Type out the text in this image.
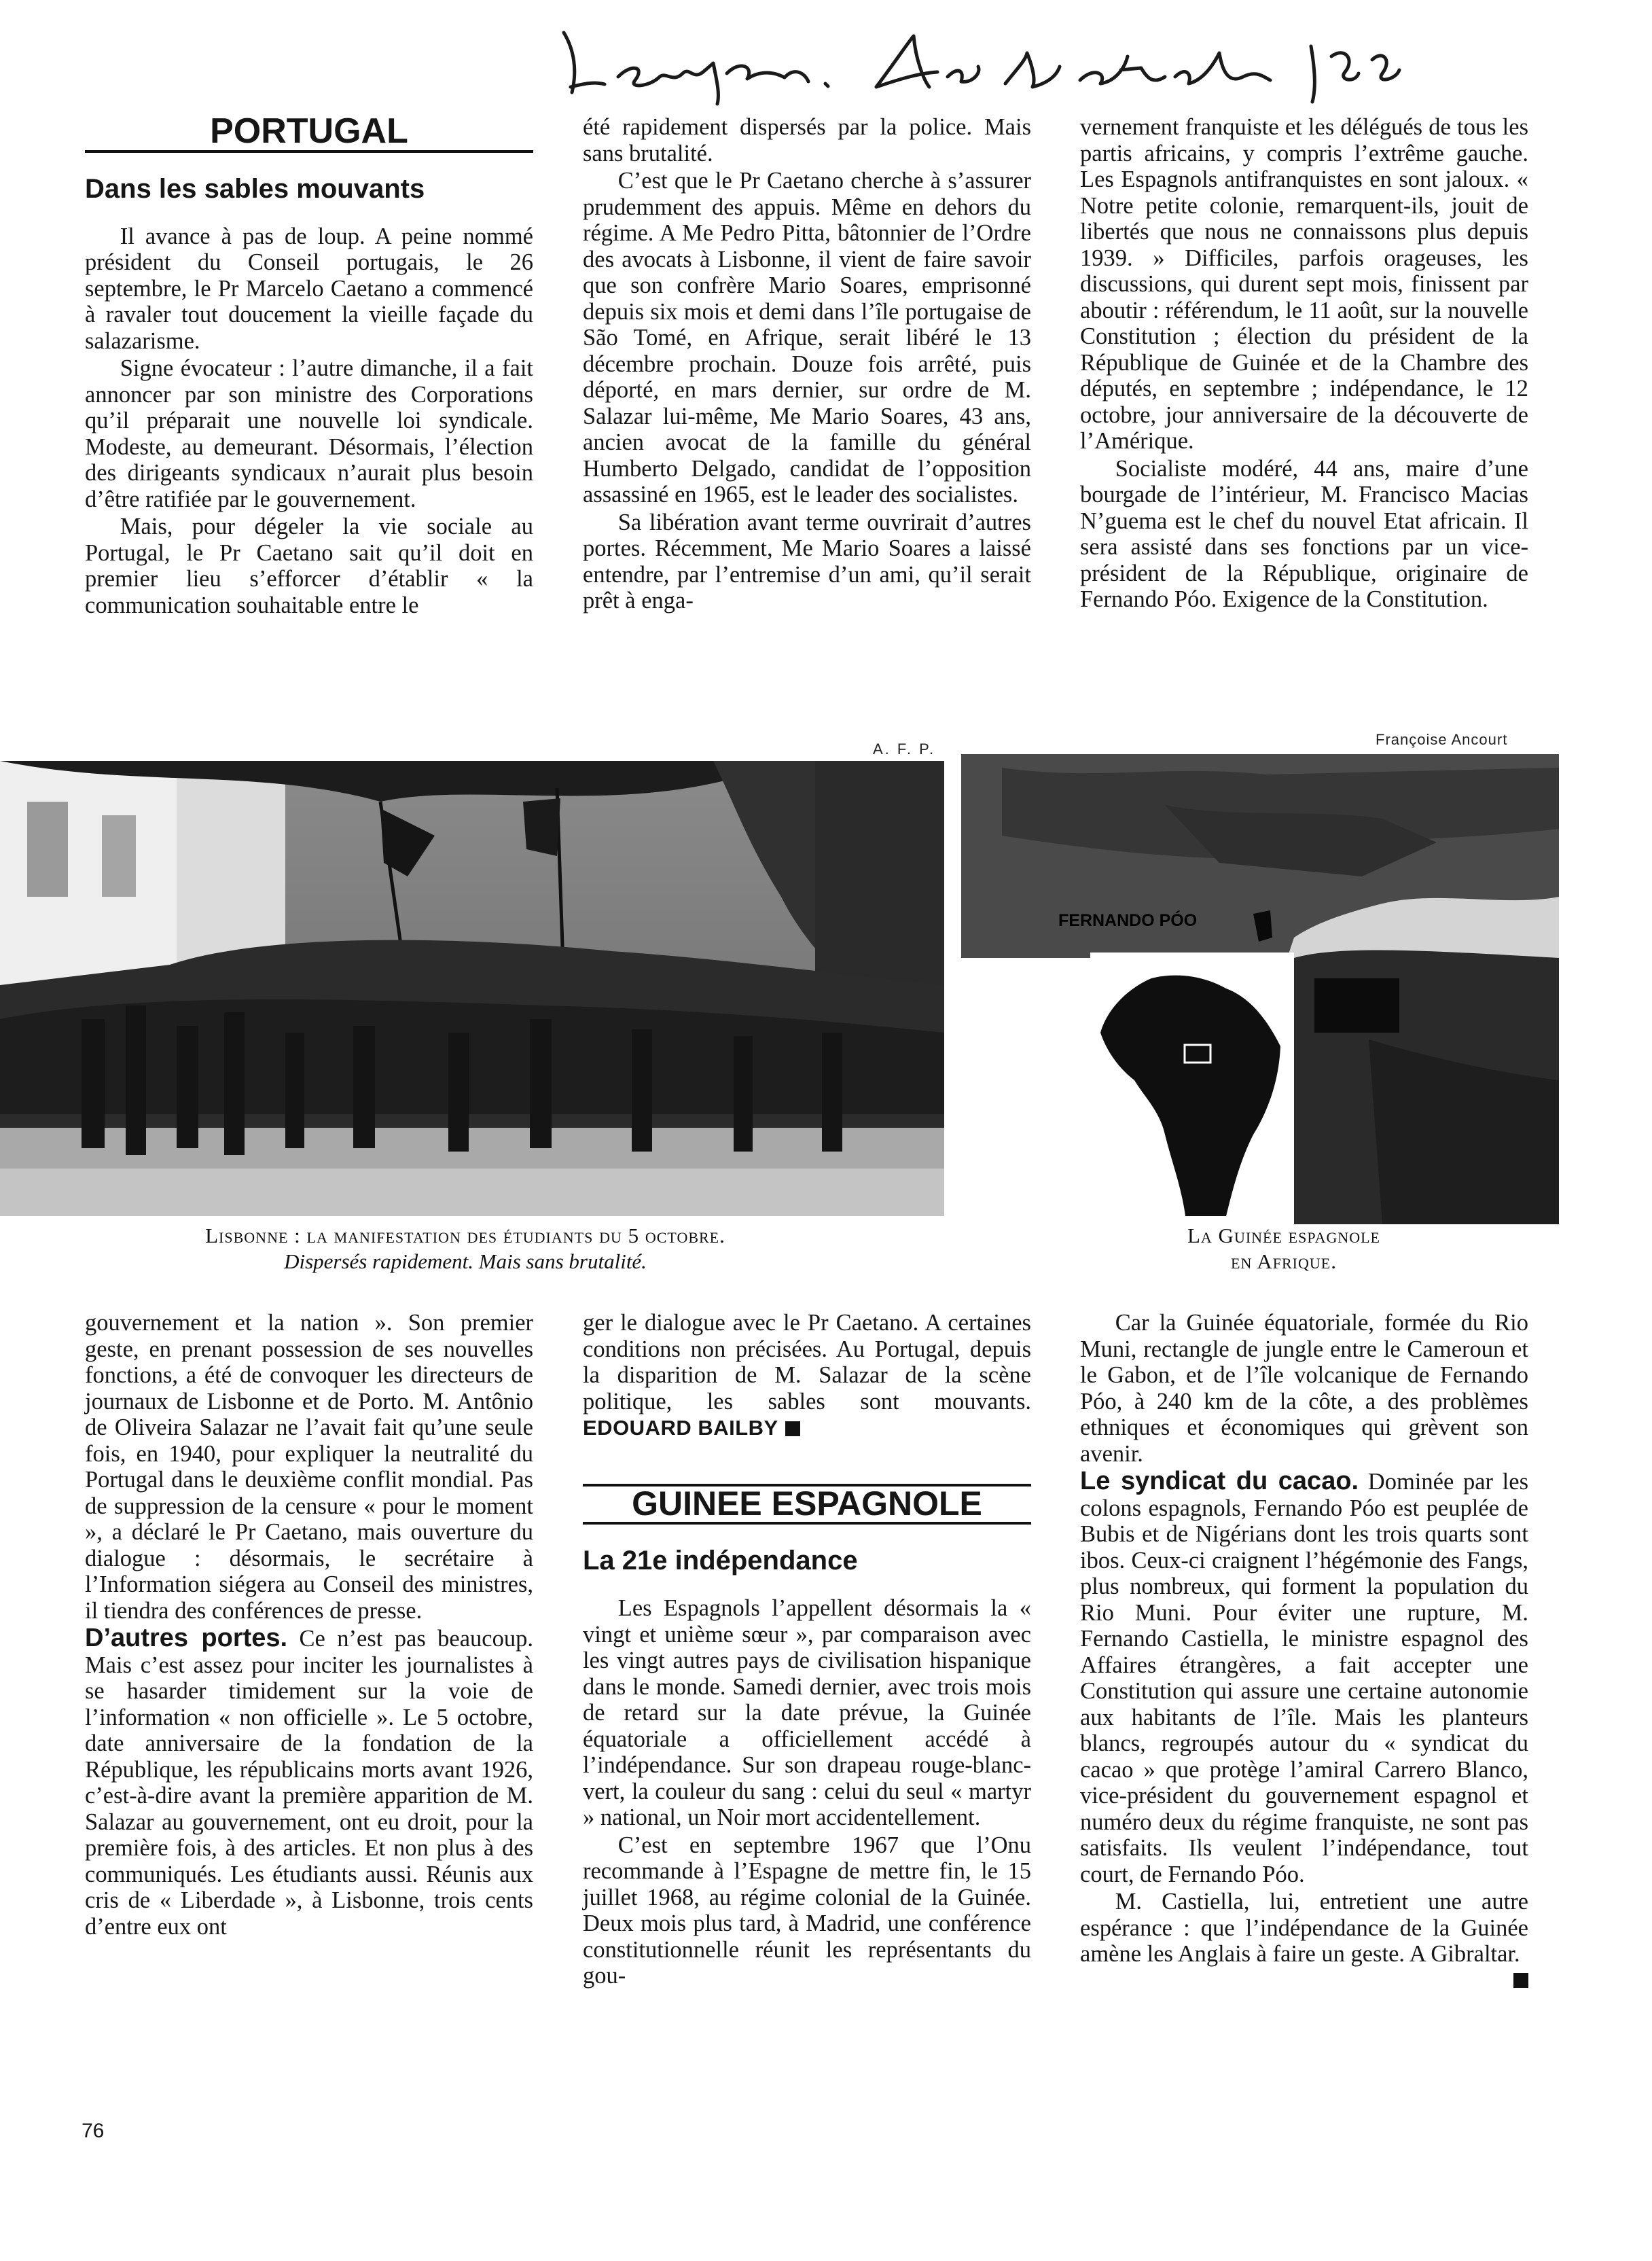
PORTUGAL
Dans les sables mouvants

Il avance à pas de loup. A peine nommé président du Conseil portugais, le 26 septembre, le Pr Marcelo Caetano a commencé à ravaler tout doucement la vieille façade du salazarisme.

Signe évocateur : l’autre dimanche, il a fait annoncer par son ministre des Corporations qu’il préparait une nouvelle loi syndicale. Modeste, au demeurant. Désormais, l’élection des dirigeants syndicaux n’aurait plus besoin d’être ratifiée par le gouvernement.

Mais, pour dégeler la vie sociale au Portugal, le Pr Caetano sait qu’il doit en premier lieu s’efforcer d’établir « la communication souhaitable entre le

été rapidement dispersés par la police. Mais sans brutalité.

C’est que le Pr Caetano cherche à s’assurer prudemment des appuis. Même en dehors du régime. A Me Pedro Pitta, bâtonnier de l’Ordre des avocats à Lisbonne, il vient de faire savoir que son confrère Mario Soares, emprisonné depuis six mois et demi dans l’île portugaise de São Tomé, en Afrique, serait libéré le 13 décembre prochain. Douze fois arrêté, puis déporté, en mars dernier, sur ordre de M. Salazar lui-même, Me Mario Soares, 43 ans, ancien avocat de la famille du général Humberto Delgado, candidat de l’opposition assassiné en 1965, est le leader des socialistes.

Sa libération avant terme ouvrirait d’autres portes. Récemment, Me Mario Soares a laissé entendre, par l’entremise d’un ami, qu’il serait prêt à enga-

vernement franquiste et les délégués de tous les partis africains, y compris l’extrême gauche. Les Espagnols antifranquistes en sont jaloux. « Notre petite colonie, remarquent-ils, jouit de libertés que nous ne connaissons plus depuis 1939. » Difficiles, parfois orageuses, les discussions, qui durent sept mois, finissent par aboutir : référendum, le 11 août, sur la nouvelle Constitution ; élection du président de la République de Guinée et de la Chambre des députés, en septembre ; indépendance, le 12 octobre, jour anniversaire de la découverte de l’Amérique.

Socialiste modéré, 44 ans, maire d’une bourgade de l’intérieur, M. Francisco Macias N’guema est le chef du nouvel Etat africain. Il sera assisté dans ses fonctions par un vice-président de la République, originaire de Fernando Póo. Exigence de la Constitution.

A. F. P.
Françoise Ancourt
FERNANDO PÓO
Lisbonne : la manifestation des étudiants du 5 octobre.
Dispersés rapidement. Mais sans brutalité.
La Guinée espagnole
en Afrique.

gouvernement et la nation ». Son premier geste, en prenant possession de ses nouvelles fonctions, a été de convoquer les directeurs de journaux de Lisbonne et de Porto. M. Antônio de Oliveira Salazar ne l’avait fait qu’une seule fois, en 1940, pour expliquer la neutralité du Portugal dans le deuxième conflit mondial. Pas de suppression de la censure « pour le moment », a déclaré le Pr Caetano, mais ouverture du dialogue : désormais, le secrétaire à l’Information siégera au Conseil des ministres, il tiendra des conférences de presse.

D’autres portes. Ce n’est pas beaucoup. Mais c’est assez pour inciter les journalistes à se hasarder timidement sur la voie de l’information « non officielle ». Le 5 octobre, date anniversaire de la fondation de la République, les républicains morts avant 1926, c’est-à-dire avant la première apparition de M. Salazar au gouvernement, ont eu droit, pour la première fois, à des articles. Et non plus à des communiqués. Les étudiants aussi. Réunis aux cris de « Liberdade », à Lisbonne, trois cents d’entre eux ont

ger le dialogue avec le Pr Caetano. A certaines conditions non précisées. Au Portugal, depuis la disparition de M. Salazar de la scène politique, les sables sont mouvants. EDOUARD BAILBY

GUINEE ESPAGNOLE
La 21e indépendance

Les Espagnols l’appellent désormais la « vingt et unième sœur », par comparaison avec les vingt autres pays de civilisation hispanique dans le monde. Samedi dernier, avec trois mois de retard sur la date prévue, la Guinée équatoriale a officiellement accédé à l’indépendance. Sur son drapeau rouge-blanc-vert, la couleur du sang : celui du seul « martyr » national, un Noir mort accidentellement.

C’est en septembre 1967 que l’Onu recommande à l’Espagne de mettre fin, le 15 juillet 1968, au régime colonial de la Guinée. Deux mois plus tard, à Madrid, une conférence constitutionnelle réunit les représentants du gou-

Car la Guinée équatoriale, formée du Rio Muni, rectangle de jungle entre le Cameroun et le Gabon, et de l’île volcanique de Fernando Póo, à 240 km de la côte, a des problèmes ethniques et économiques qui grèvent son avenir.

Le syndicat du cacao. Dominée par les colons espagnols, Fernando Póo est peuplée de Bubis et de Nigérians dont les trois quarts sont ibos. Ceux-ci craignent l’hégémonie des Fangs, plus nombreux, qui forment la population du Rio Muni. Pour éviter une rupture, M. Fernando Castiella, le ministre espagnol des Affaires étrangères, a fait accepter une Constitution qui assure une certaine autonomie aux habitants de l’île. Mais les planteurs blancs, regroupés autour du « syndicat du cacao » que protège l’amiral Carrero Blanco, vice-président du gouvernement espagnol et numéro deux du régime franquiste, ne sont pas satisfaits. Ils veulent l’indépendance, tout court, de Fernando Póo.

M. Castiella, lui, entretient une autre espérance : que l’indépendance de la Guinée amène les Anglais à faire un geste. A Gibraltar.

76
